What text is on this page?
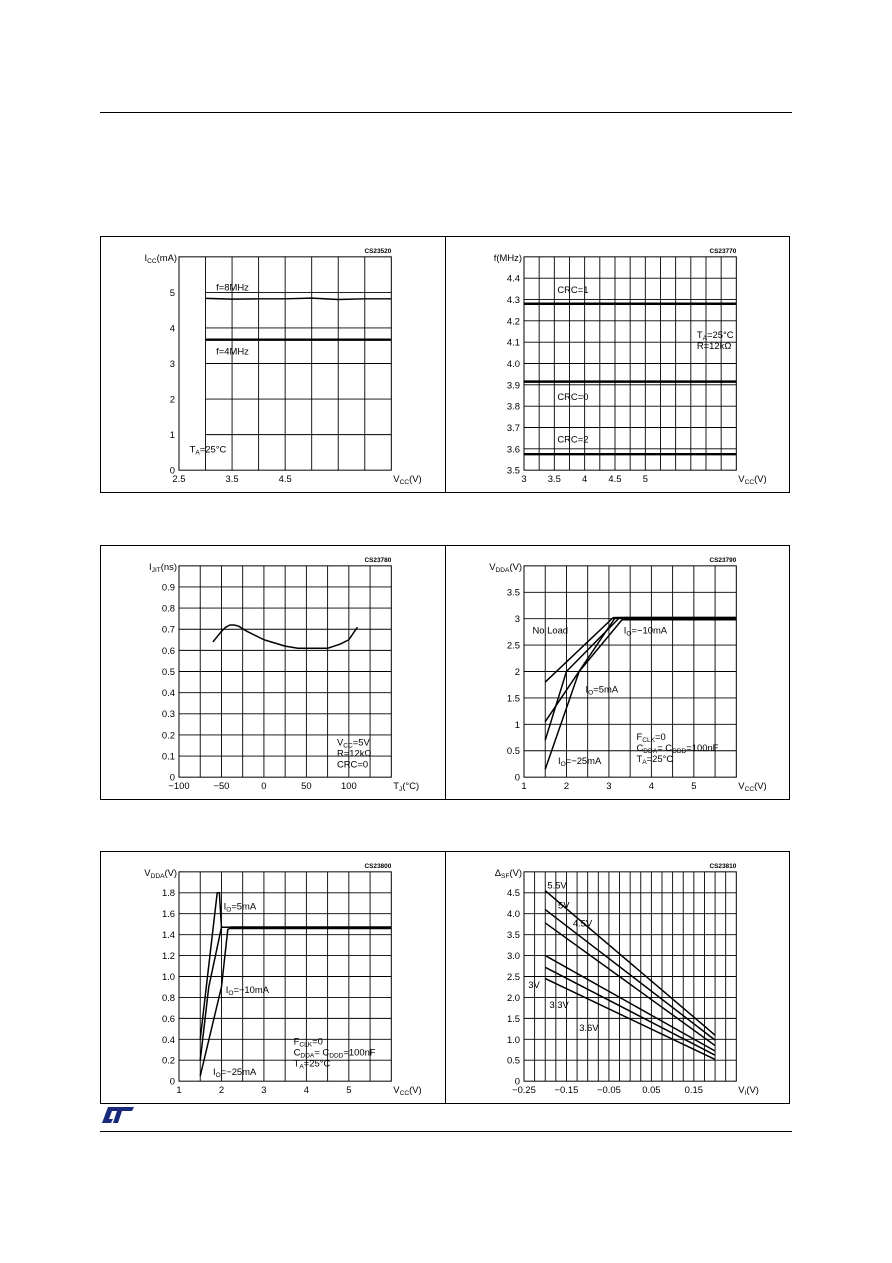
CS23520
0
1
2
3
4
5
2.5	3.5	4.5
$I_{CC}(mA)$
$V_{CC}(V)$
f=8MHz
f=4MHz
$T_A=25^\circ C$
CS23770
3.5
3.6
3.7
3.8
3.9
4.0
4.1
4.2
4.3
4.4
3 3.5 4 4.5 5
f(MHz)
$V_{CC}(V)$
CRC=1
CRC=0
CRC=2
$T_A=25^\circ C$
R=12kΩ
CS23780
0
0.1
0.2
0.3
0.4
0.5
0.6
0.7
0.8
0.9
−100	−50	0	50	100
$I_{JIT}(ns)$
$T_J(^\circ C)$
$V_{CC}=5V$
R=12kΩ
CRC=0
CS23790
0
0.5
1
1.5
2
2.5
3
3.5
1	2	3	4	5
$V_{DDA}(V)$
$V_{CC}(V)$
No Load	$I_O=-10mA$
$I_O=5mA$
$I_O=-25mA$
$F_{CLK}=0$
$C_{DDA}= C_{DDD}=100nF$
$T_A=25^\circ C$
CS23800
0
0.2
0.4
0.6
0.8
1.0
1.2
1.4
1.6
1.8
1	2	3	4	5
$V_{DDA}(V)$
$V_{CC}(V)$
$I_O=5mA$
$I_O=-10mA$
$I_O=-25mA$
$F_{CLK}=0$
$C_{DDA}= C_{DDD}=100nF$
$T_A=25^\circ C$
CS23810
0
0.5
1.0
1.5
2.0
2.5
3.0
3.5
4.0
4.5
−0.25 −0.15 −0.05 0.05	0.15
$\Delta_{SF}(V)$
$V_I(V)$
5.5V
5V
4.5V
3V
3.3V
3.6V
